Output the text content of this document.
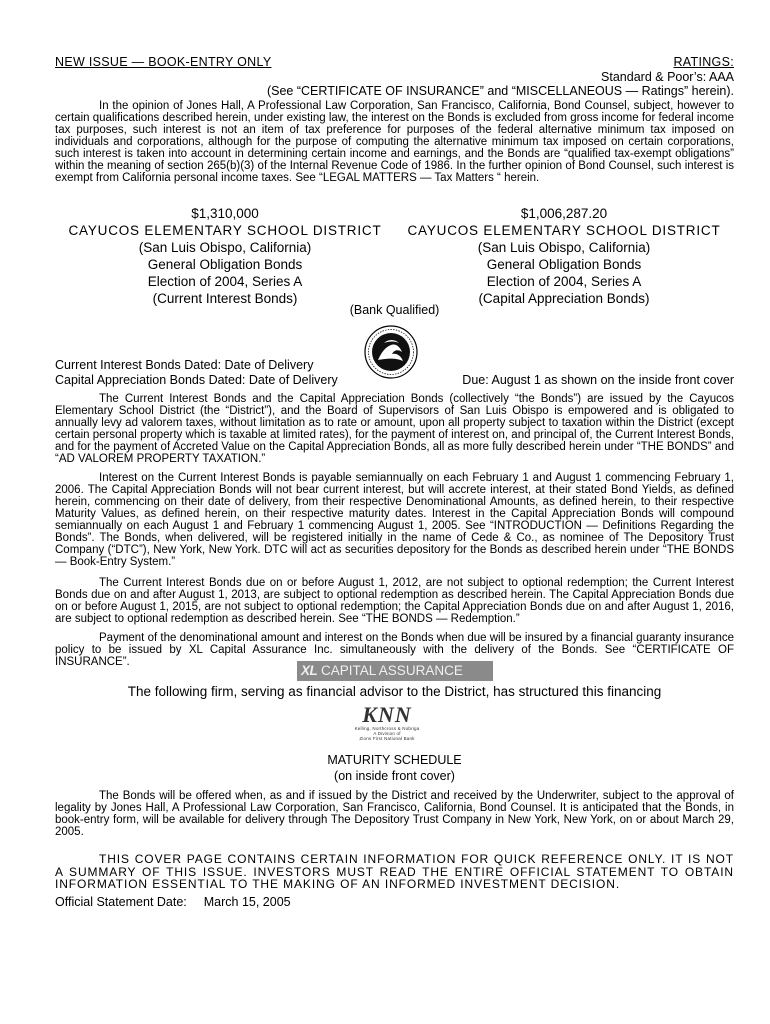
NEW ISSUE — BOOK-ENTRY ONLY	RATINGS:
Standard & Poor’s: AAA
(See “CERTIFICATE OF INSURANCE” and “MISCELLANEOUS — Ratings” herein).

In the opinion of Jones Hall, A Professional Law Corporation, San Francisco, California, Bond Counsel, subject, however to certain qualifications described herein, under existing law, the interest on the Bonds is excluded from gross income for federal income tax purposes, such interest is not an item of tax preference for purposes of the federal alternative minimum tax imposed on individuals and corporations, although for the purpose of computing the alternative minimum tax imposed on certain corporations, such interest is taken into account in determining certain income and earnings, and the Bonds are “qualified tax-exempt obligations” within the meaning of section 265(b)(3) of the Internal Revenue Code of 1986. In the further opinion of Bond Counsel, such interest is exempt from California personal income taxes. See “LEGAL MATTERS — Tax Matters “ herein.

$1,310,000
CAYUCOS ELEMENTARY SCHOOL DISTRICT
(San Luis Obispo, California)
General Obligation Bonds
Election of 2004, Series A
(Current Interest Bonds)
$1,006,287.20
CAYUCOS ELEMENTARY SCHOOL DISTRICT
(San Luis Obispo, California)
General Obligation Bonds
Election of 2004, Series A
(Capital Appreciation Bonds)
(Bank Qualified)
Current Interest Bonds Dated: Date of Delivery
Capital Appreciation Bonds Dated: Date of Delivery	Due: August 1 as shown on the inside front cover

The Current Interest Bonds and the Capital Appreciation Bonds (collectively “the Bonds”) are issued by the Cayucos Elementary School District (the “District”), and the Board of Supervisors of San Luis Obispo is empowered and is obligated to annually levy ad valorem taxes, without limitation as to rate or amount, upon all property subject to taxation within the District (except certain personal property which is taxable at limited rates), for the payment of interest on, and principal of, the Current Interest Bonds, and for the payment of Accreted Value on the Capital Appreciation Bonds, all as more fully described herein under “THE BONDS” and “AD VALOREM PROPERTY TAXATION.”

Interest on the Current Interest Bonds is payable semiannually on each February 1 and August 1 commencing February 1, 2006. The Capital Appreciation Bonds will not bear current interest, but will accrete interest, at their stated Bond Yields, as defined herein, commencing on their date of delivery, from their respective Denominational Amounts, as defined herein, to their respective Maturity Values, as defined herein, on their respective maturity dates. Interest in the Capital Appreciation Bonds will compound semiannually on each August 1 and February 1 commencing August 1, 2005. See “INTRODUCTION — Definitions Regarding the Bonds”. The Bonds, when delivered, will be registered initially in the name of Cede & Co., as nominee of The Depository Trust Company (“DTC”), New York, New York. DTC will act as securities depository for the Bonds as described herein under “THE BONDS — Book-Entry System.”

The Current Interest Bonds due on or before August 1, 2012, are not subject to optional redemption; the Current Interest Bonds due on and after August 1, 2013, are subject to optional redemption as described herein. The Capital Appreciation Bonds due on or before August 1, 2015, are not subject to optional redemption; the Capital Appreciation Bonds due on and after August 1, 2016, are subject to optional redemption as described herein. See “THE BONDS — Redemption.”

Payment of the denominational amount and interest on the Bonds when due will be insured by a financial guaranty insurance policy to be issued by XL Capital Assurance Inc. simultaneously with the delivery of the Bonds. See “CERTIFICATE OF INSURANCE”.

XL CAPITAL ASSURANCE
The following firm, serving as financial advisor to the District, has structured this financing
KNN
Kelling, Northcross & Nobriga
A Division of
Zions First National Bank
MATURITY SCHEDULE
(on inside front cover)

The Bonds will be offered when, as and if issued by the District and received by the Underwriter, subject to the approval of legality by Jones Hall, A Professional Law Corporation, San Francisco, California, Bond Counsel. It is anticipated that the Bonds, in book-entry form, will be available for delivery through The Depository Trust Company in New York, New York, on or about March 29, 2005.

THIS COVER PAGE CONTAINS CERTAIN INFORMATION FOR QUICK REFERENCE ONLY. IT IS NOT A SUMMARY OF THIS ISSUE. INVESTORS MUST READ THE ENTIRE OFFICIAL STATEMENT TO OBTAIN INFORMATION ESSENTIAL TO THE MAKING OF AN INFORMED INVESTMENT DECISION.

Official Statement Date: March 15, 2005
